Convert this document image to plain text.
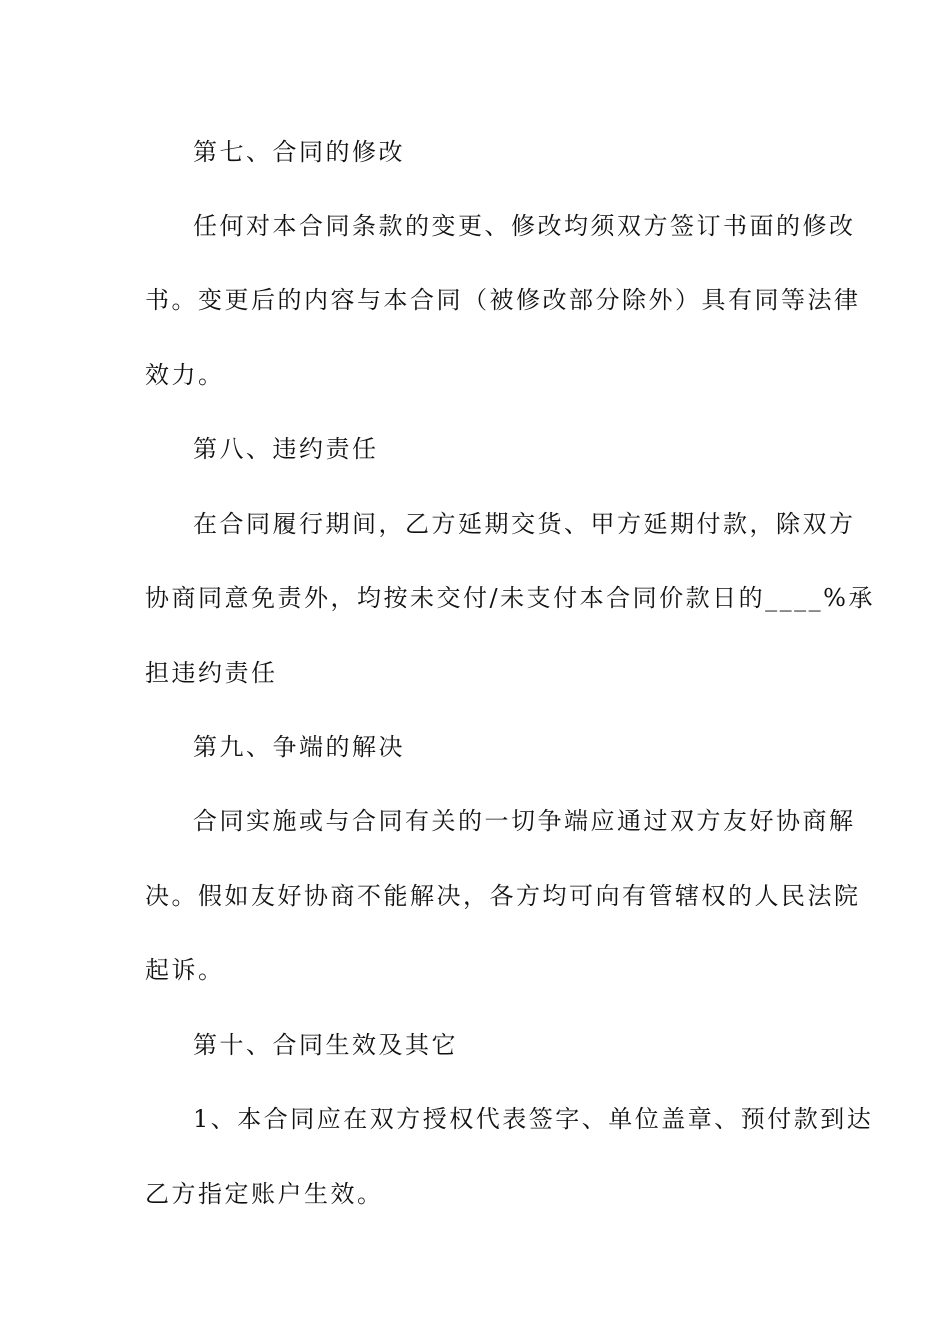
第七、合同的修改
任何对本合同条款的变更、修改均须双方签订书面的修改
书。变更后的内容与本合同（被修改部分除外）具有同等法律
效力。
第八、违约责任
在合同履行期间，乙方延期交货、甲方延期付款，除双方
协商同意免责外，均按未交付/未支付本合同价款日的____%承
担违约责任
第九、争端的解决
合同实施或与合同有关的一切争端应通过双方友好协商解
决。假如友好协商不能解决，各方均可向有管辖权的人民法院
起诉。
第十、合同生效及其它
1、本合同应在双方授权代表签字、单位盖章、预付款到达
乙方指定账户生效。
